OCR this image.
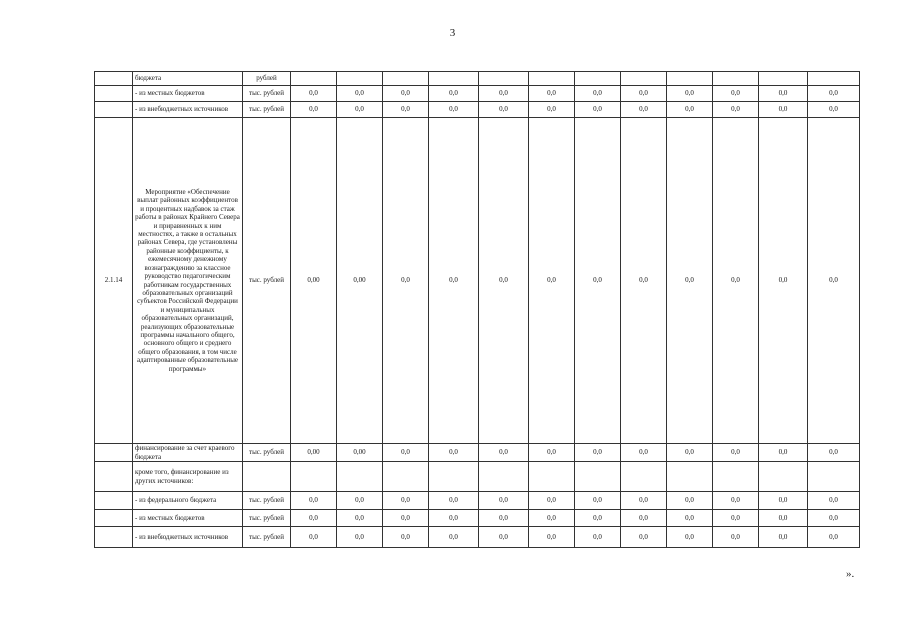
3
	бюджета	рублей												
	- из местных бюджетов	тыс. рублей	0,0	0,0	0,0	0,0	0,0	0,0	0,0	0,0	0,0	0,0	0,0	0,0
	- из внебюджетных источников	тыс. рублей	0,0	0,0	0,0	0,0	0,0	0,0	0,0	0,0	0,0	0,0	0,0	0,0
2.1.14	Мероприятие «Обеспечение выплат районных коэффициентов и процентных надбавок за стаж работы в районах Крайнего Севера и приравненных к ним местностях, а также в остальных районах Севера, где установлены районные коэффициенты, к ежемесячному денежному вознаграждению за классное руководство педагогическим работникам государственных образовательных организаций субъектов Российской Федерации и муниципальных образовательных организаций, реализующих образовательные программы начального общего, основного общего и среднего общего образования, в том числе адаптированные образовательные программы»	тыс. рублей	0,00	0,00	0,0	0,0	0,0	0,0	0,0	0,0	0,0	0,0	0,0	0,0
	финансирование за счет краевого бюджета	тыс. рублей	0,00	0,00	0,0	0,0	0,0	0,0	0,0	0,0	0,0	0,0	0,0	0,0
	кроме того, финансирование из других источников:													
	- из федерального бюджета	тыс. рублей	0,0	0,0	0,0	0,0	0,0	0,0	0,0	0,0	0,0	0,0	0,0	0,0
	- из местных бюджетов	тыс. рублей	0,0	0,0	0,0	0,0	0,0	0,0	0,0	0,0	0,0	0,0	0,0	0,0
	- из внебюджетных источников	тыс. рублей	0,0	0,0	0,0	0,0	0,0	0,0	0,0	0,0	0,0	0,0	0,0	0,0
».
